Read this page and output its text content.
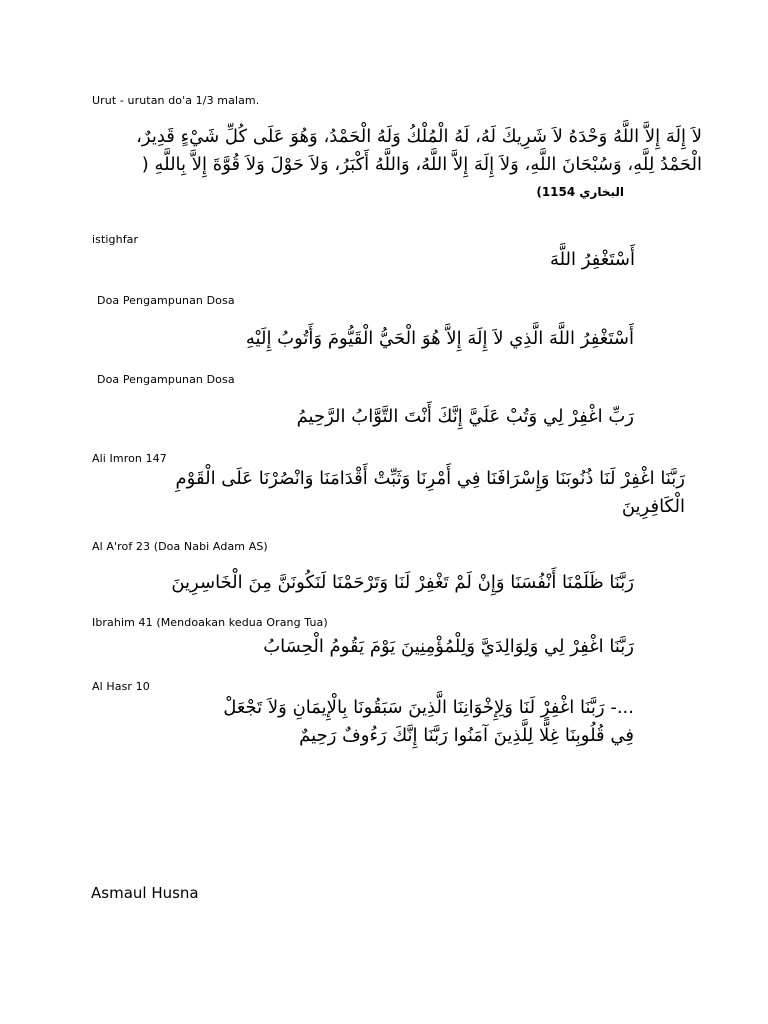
Urut - urutan do'a 1/3 malam.
لاَ إِلَهَ إِلاَّ اللَّهُ وَحْدَهُ لاَ شَرِيكَ لَهُ، لَهُ الْمُلْكُ وَلَهُ الْحَمْدُ، وَهُوَ عَلَى كُلِّ شَيْءٍ قَدِيرٌ،
الْحَمْدُ لِلَّهِ، وَسُبْحَانَ اللَّهِ، وَلاَ إِلَهَ إِلاَّ اللَّهُ، وَاللَّهُ أَكْبَرُ، وَلاَ حَوْلَ وَلاَ قُوَّةَ إِلاَّ بِاللَّهِ (
البخاري 1154)
istighfar
أَسْتَغْفِرُ اللَّهَ
Doa Pengampunan Dosa
أَسْتَغْفِرُ اللَّهَ الَّذِي لاَ إِلَهَ إِلاَّ هُوَ الْحَيُّ الْقَيُّومَ وَأَتُوبُ إِلَيْهِ
Doa Pengampunan Dosa
رَبِّ اغْفِرْ لِي وَتُبْ عَلَيَّ إِنَّكَ أَنْتَ التَّوَّابُ الرَّحِيمُ
Ali Imron 147
رَبَّنَا اغْفِرْ لَنَا ذُنُوبَنَا وَإِسْرَافَنَا فِي أَمْرِنَا وَثَبِّتْ أَقْدَامَنَا وَانْصُرْنَا عَلَى الْقَوْمِ
الْكَافِرِينَ
Al A'rof 23 (Doa Nabi Adam AS)
رَبَّنَا ظَلَمْنَا أَنْفُسَنَا وَإِنْ لَمْ تَغْفِرْ لَنَا وَتَرْحَمْنَا لَنَكُونَنَّ مِنَ الْخَاسِرِينَ
Ibrahim 41 (Mendoakan kedua Orang Tua)
رَبَّنَا اغْفِرْ لِي وَلِوَالِدَيَّ وَلِلْمُؤْمِنِينَ يَوْمَ يَقُومُ الْحِسَابُ
Al Hasr 10
...- رَبَّنَا اغْفِرْ لَنَا وَلِإِخْوَانِنَا الَّذِينَ سَبَقُونَا بِالْإِيمَانِ وَلاَ تَجْعَلْ
فِي قُلُوبِنَا غِلًّا لِلَّذِينَ آمَنُوا رَبَّنَا إِنَّكَ رَءُوفٌ رَحِيمٌ
Asmaul Husna
